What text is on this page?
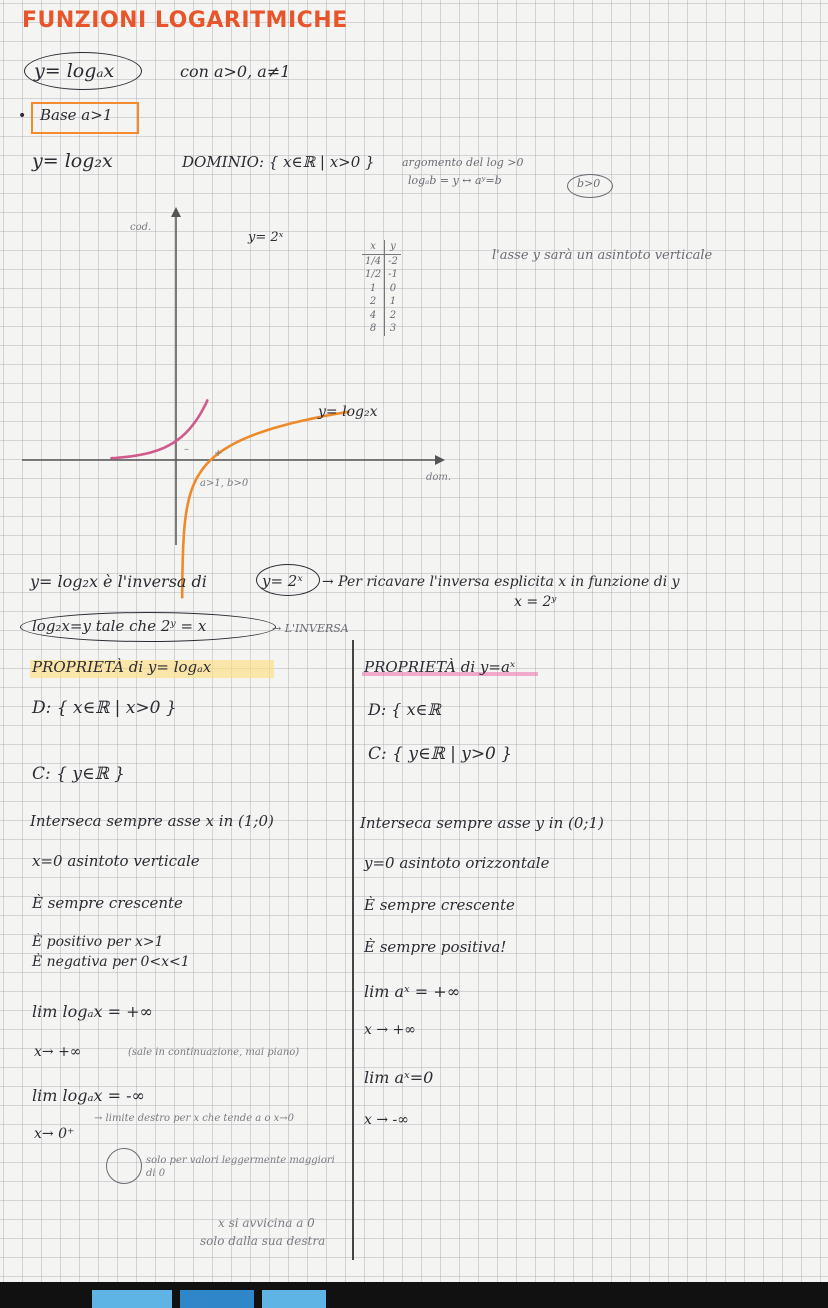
FUNZIONI LOGARITMICHE
y= logₐx	con a>0, a≠1
• Base a>1
y= log₂x	DOMINIO: { x∈ℝ | x>0 } argomento del log >0
logₐb = y ↔ aʸ=b	b>0
l'asse y sarà un asintoto verticale
cod.
dom.
y= 2ˣ
y= log₂x
a>1, b>0
–	+
x	y
1/4	-2
1/2	-1
1	0
2	1
4	2
8	3
y= log₂x è l'inversa di	y= 2ˣ → Per ricavare l'inversa esplicita x in funzione di y
x = 2ʸ
log₂x=y tale che 2ʸ = x	→ L'INVERSA
PROPRIETÀ di y= logₐx
D: { x∈ℝ | x>0 }
C: { y∈ℝ }
Interseca sempre asse x in (1;0)
x=0 asintoto verticale
È sempre crescente
È positivo per x>1
È negativa per 0<x<1
lim logₐx = +∞
x→ +∞	(sale in continuazione, mai piano)
lim logₐx = -∞
x→ 0⁺
→ limite destro per x che tende a o x→0
solo per valori leggermente maggiori di 0
x si avvicina a 0
solo dalla sua destra
PROPRIETÀ di y=aˣ
D: { x∈ℝ
C: { y∈ℝ | y>0 }
Interseca sempre asse y in (0;1)
y=0 asintoto orizzontale
È sempre crescente
È sempre positiva!
lim aˣ = +∞
x → +∞
lim aˣ=0
x → -∞
